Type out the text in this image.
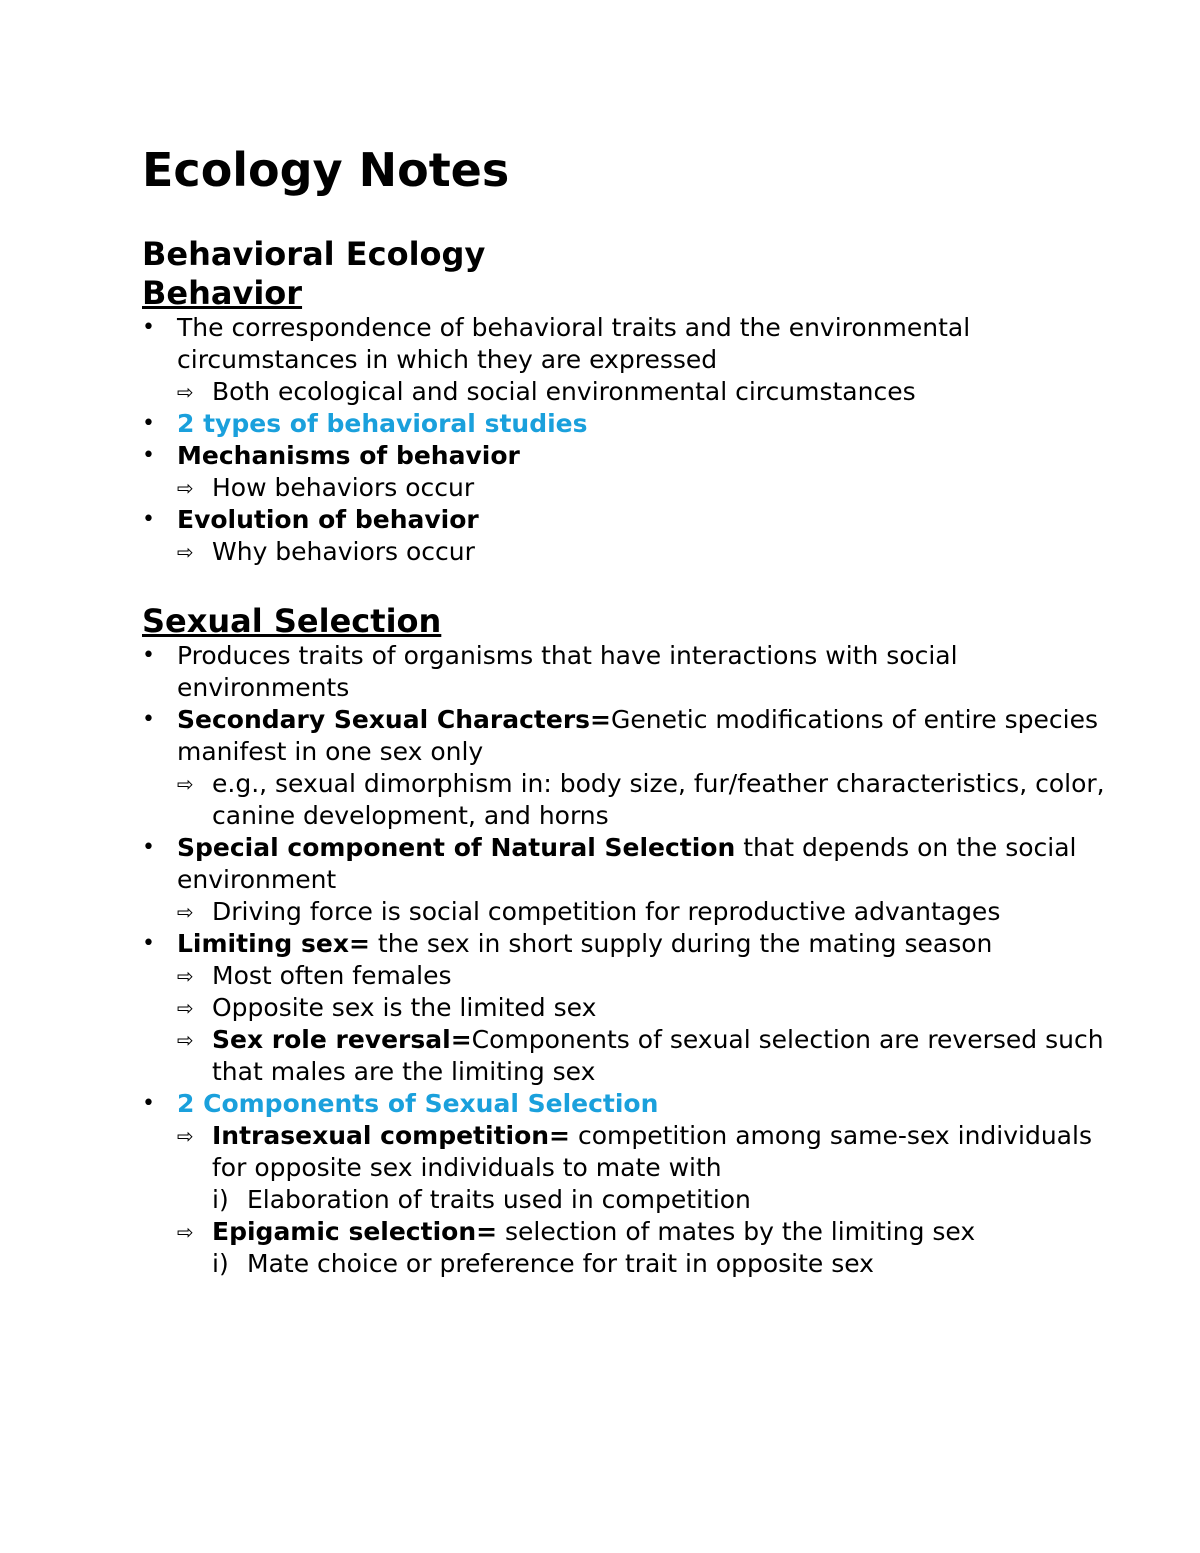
Ecology Notes
Behavioral Ecology
Behavior
• The correspondence of behavioral traits and the environmental circumstances in which they are expressed
⇨ Both ecological and social environmental circumstances
• 2 types of behavioral studies
• Mechanisms of behavior
⇨ How behaviors occur
• Evolution of behavior
⇨ Why behaviors occur
Sexual Selection
• Produces traits of organisms that have interactions with social environments
• Secondary Sexual Characters=Genetic modifications of entire species manifest in one sex only
⇨ e.g., sexual dimorphism in: body size, fur/feather characteristics, color, canine development, and horns
• Special component of Natural Selection that depends on the social environment
⇨ Driving force is social competition for reproductive advantages
• Limiting sex= the sex in short supply during the mating season
⇨ Most often females
⇨ Opposite sex is the limited sex
⇨ Sex role reversal=Components of sexual selection are reversed such that males are the limiting sex
• 2 Components of Sexual Selection
⇨ Intrasexual competition= competition among same-sex individuals for opposite sex individuals to mate with
i) Elaboration of traits used in competition
⇨ Epigamic selection= selection of mates by the limiting sex
i) Mate choice or preference for trait in opposite sex
